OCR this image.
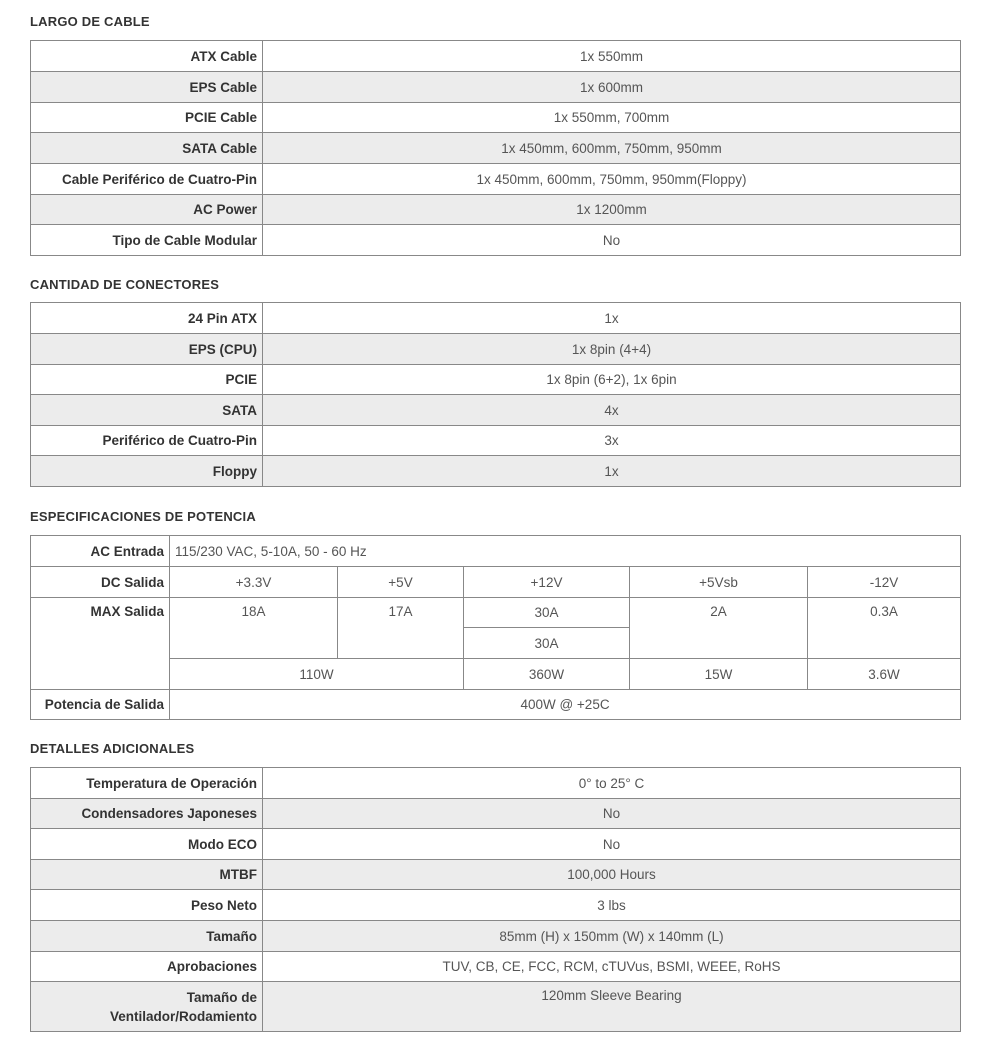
LARGO DE CABLE
ATX Cable	1x 550mm
EPS Cable	1x 600mm
PCIE Cable	1x 550mm, 700mm
SATA Cable	1x 450mm, 600mm, 750mm, 950mm
Cable Periférico de Cuatro-Pin	1x 450mm, 600mm, 750mm, 950mm(Floppy)
AC Power	1x 1200mm
Tipo de Cable Modular	No
CANTIDAD DE CONECTORES
24 Pin ATX	1x
EPS (CPU)	1x 8pin (4+4)
PCIE	1x 8pin (6+2), 1x 6pin
SATA	4x
Periférico de Cuatro-Pin	3x
Floppy	1x
ESPECIFICACIONES DE POTENCIA
AC Entrada	115/230 VAC, 5-10A, 50 - 60 Hz				
DC Salida	+3.3V	+5V	+12V	+5Vsb	-12V
MAX Salida	18A	17A	30A	2A	0.3A
			30A		
	110W		360W	15W	3.6W
Potencia de Salida	400W @ +25C				
DETALLES ADICIONALES
Temperatura de Operación	0° to 25° C
Condensadores Japoneses	No
Modo ECO	No
MTBF	100,000 Hours
Peso Neto	3 lbs
Tamaño	85mm (H) x 150mm (W) x 140mm (L)
Aprobaciones	TUV, CB, CE, FCC, RCM, cTUVus, BSMI, WEEE, RoHS
Tamaño de
Ventilador/Rodamiento	120mm Sleeve Bearing
